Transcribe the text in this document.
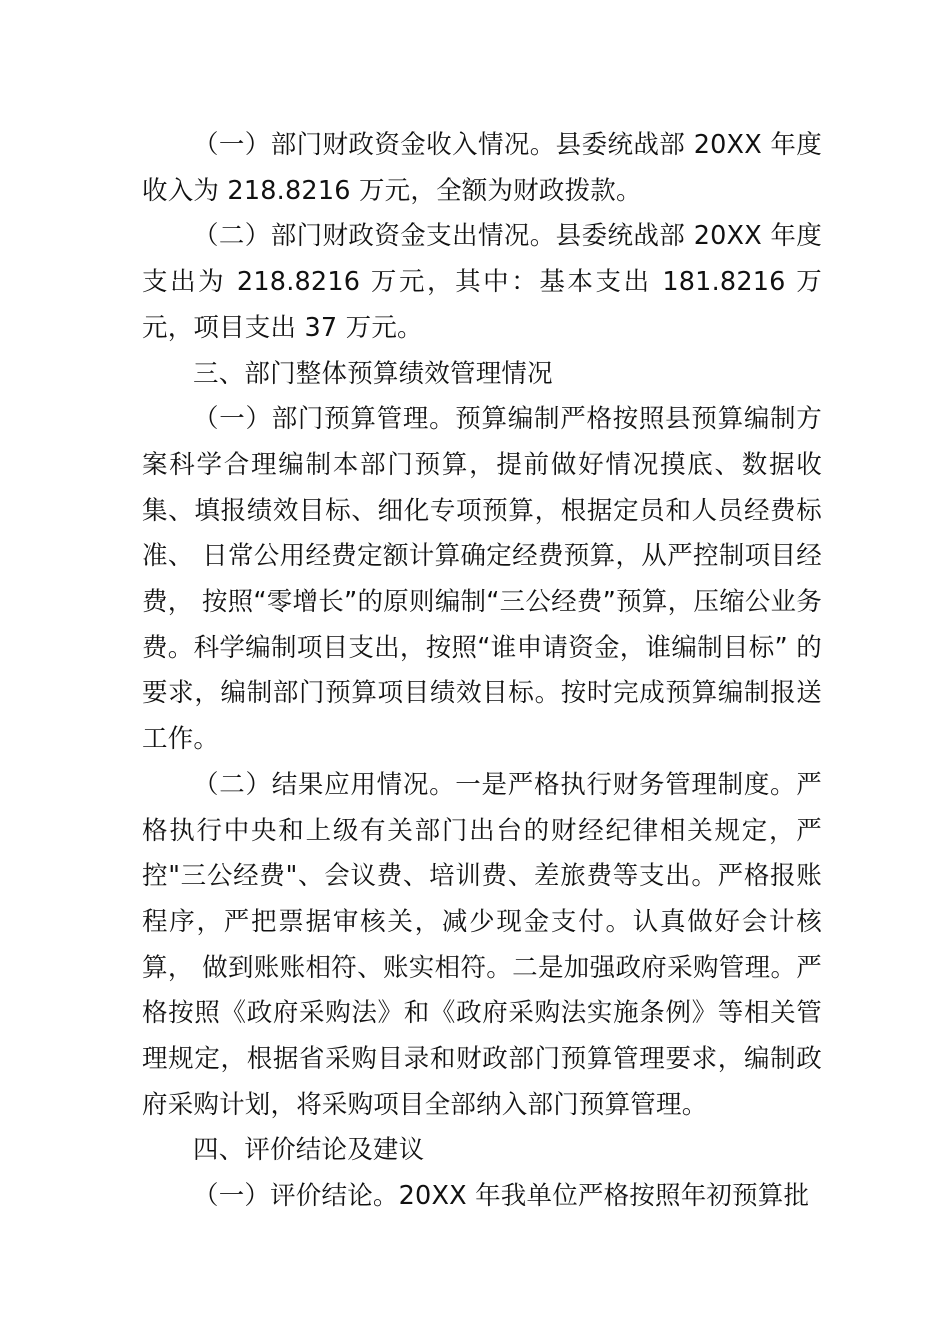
（一）部门财政资金收入情况。县委统战部 20XX 年度收入为 218.8216 万元，全额为财政拨款。

（二）部门财政资金支出情况。县委统战部 20XX 年度支出为 218.8216 万元，其中：基本支出 181.8216 万元，项目支出 37 万元。

三、部门整体预算绩效管理情况

（一）部门预算管理。预算编制严格按照县预算编制方案科学合理编制本部门预算，提前做好情况摸底、数据收集、填报绩效目标、细化专项预算，根据定员和人员经费标准、 日常公用经费定额计算确定经费预算，从严控制项目经费， 按照“零增长”的原则编制“三公经费”预算，压缩公业务费。科学编制项目支出，按照“谁申请资金，谁编制目标” 的要求，编制部门预算项目绩效目标。按时完成预算编制报送工作。

（二）结果应用情况。一是严格执行财务管理制度。严格执行中央和上级有关部门出台的财经纪律相关规定，严控"三公经费"、会议费、培训费、差旅费等支出。严格报账程序，严把票据审核关，减少现金支付。认真做好会计核算， 做到账账相符、账实相符。二是加强政府采购管理。严格按照《政府采购法》和《政府采购法实施条例》等相关管理规定，根据省采购目录和财政部门预算管理要求，编制政府采购计划，将采购项目全部纳入部门预算管理。

四、评价结论及建议

（一）评价结论。20XX 年我单位严格按照年初预算批
